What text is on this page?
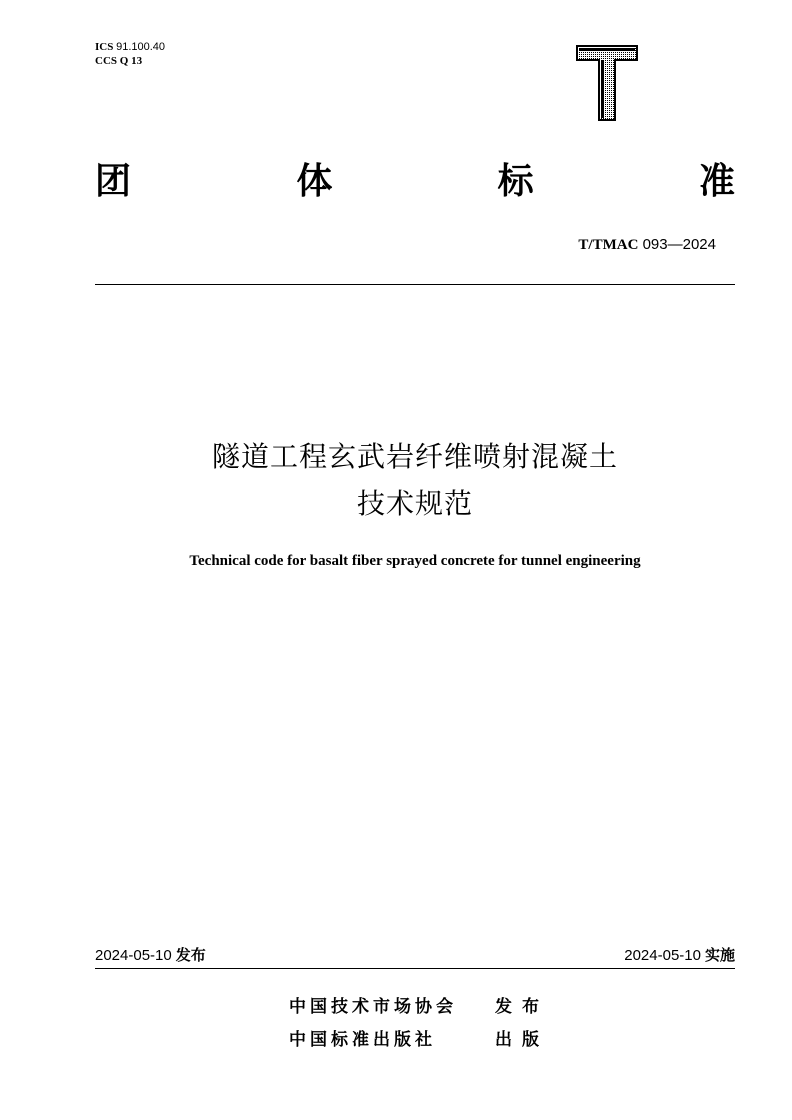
ICS 91.100.40
CCS Q 13
团	体	标	准
T/TMAC 093—2024
隧道工程玄武岩纤维喷射混凝土
技术规范
Technical code for basalt fiber sprayed concrete for tunnel engineering
2024-05-10 发布	2024-05-10 实施
中国技术市场协会 发布
中国标准出版社	出版
